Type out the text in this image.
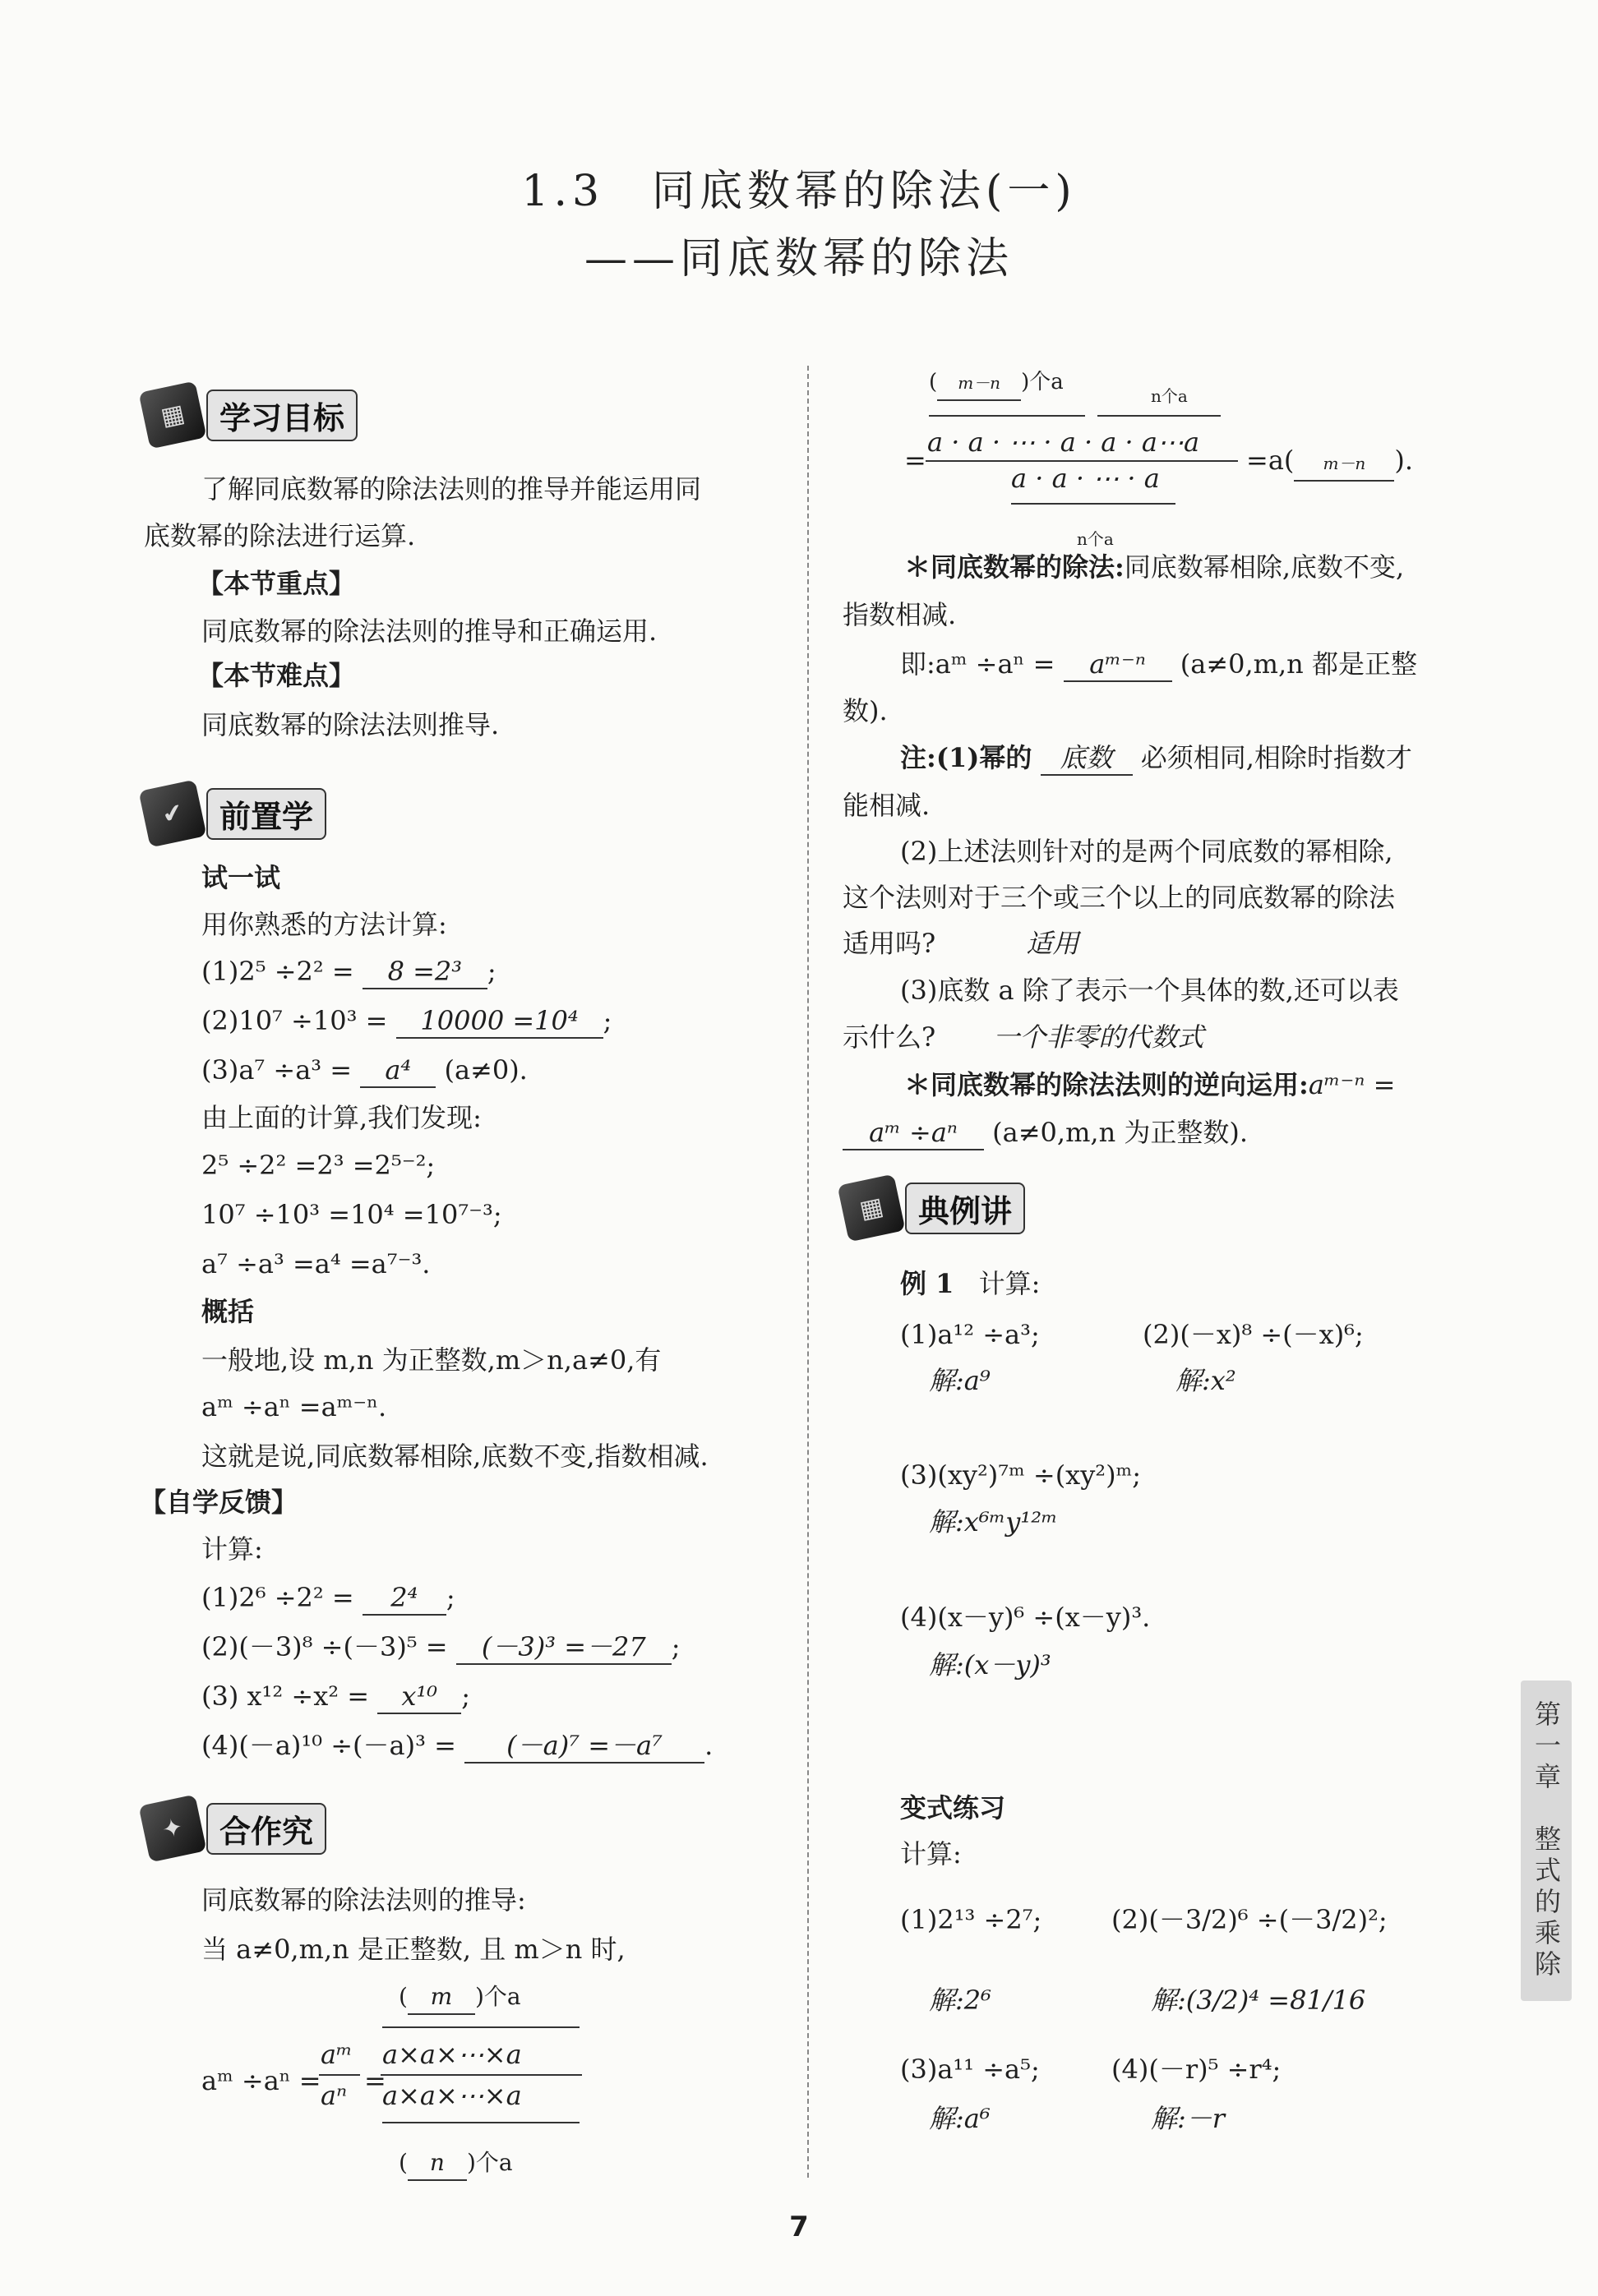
1.3　同底数幂的除法(一)
——同底数幂的除法
▦	学习目标
了解同底数幂的除法法则的推导并能运用同
底数幂的除法进行运算.
【本节重点】
同底数幂的除法法则的推导和正确运用.
【本节难点】
同底数幂的除法法则推导.
✔	前置学
试一试
用你熟悉的方法计算:
(1)2⁵ ÷2² = 8 =2³ ;
(2)10⁷ ÷10³ = 10000 =10⁴ ;
(3)a⁷ ÷a³ = a⁴ (a≠0).
由上面的计算,我们发现:
2⁵ ÷2² =2³ =2⁵⁻²;
10⁷ ÷10³ =10⁴ =10⁷⁻³;
a⁷ ÷a³ =a⁴ =a⁷⁻³.
概括
一般地,设 m,n 为正整数,m＞n,a≠0,有
aᵐ ÷aⁿ =aᵐ⁻ⁿ.
这就是说,同底数幂相除,底数不变,指数相减.
【自学反馈】
计算:
(1)2⁶ ÷2² = 2⁴ ;
(2)(－3)⁸ ÷(－3)⁵ = (－3)³ =－27 ;
(3) x¹² ÷x² = x¹⁰ ;
(4)(－a)¹⁰ ÷(－a)³ = (－a)⁷ =－a⁷ .
✦	合作究
同底数幂的除法法则的推导:
当 a≠0,m,n 是正整数, 且 m＞n 时,
( m )个a
aᵐ ÷aⁿ =
aᵐ
aⁿ =
a×a×⋯×a
a×a×⋯×a
( n )个a
( m－n )个a
n个a
=
a · a · ⋯ · a · a · a⋯a
a · a · ⋯ · a
=a( m－n ).
n个a
＊同底数幂的除法:同底数幂相除,底数不变,
指数相减.
即:aᵐ ÷aⁿ = aᵐ⁻ⁿ (a≠0,m,n 都是正整
数).
注:(1)幂的 底数 必须相同,相除时指数才
能相减.
(2)上述法则针对的是两个同底数的幂相除,
这个法则对于三个或三个以上的同底数幂的除法
适用吗?	适用
(3)底数 a 除了表示一个具体的数,还可以表
示什么? 一个非零的代数式
＊同底数幂的除法法则的逆向运用:aᵐ⁻ⁿ =
aᵐ ÷aⁿ (a≠0,m,n 为正整数).
▦	典例讲
例 1 计算:
(1)a¹² ÷a³;
解:a⁹
(2)(－x)⁸ ÷(－x)⁶;
解:x²
(3)(xy²)⁷ᵐ ÷(xy²)ᵐ;
解:x⁶ᵐy¹²ᵐ
(4)(x－y)⁶ ÷(x－y)³.
解:(x－y)³
变式练习
计算:
(1)2¹³ ÷2⁷;
解:2⁶
(2)(－3/2)⁶ ÷(－3/2)²;
解:(3/2)⁴ =81/16
(3)a¹¹ ÷a⁵;
解:a⁶
(4)(－r)⁵ ÷r⁴;
解:－r
第一章　整式的乘除
7
